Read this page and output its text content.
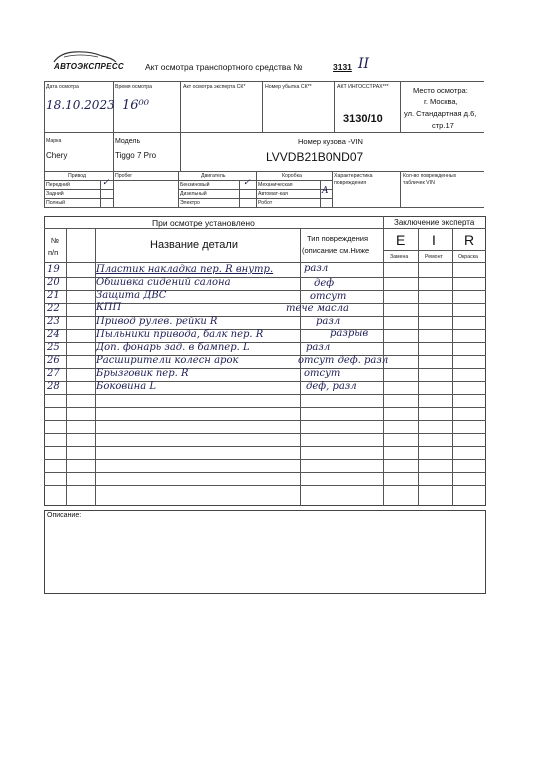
АВТОЭКСПРЕСС Акт осмотра транспортного средства №	3131 II
Дата осмотра
18.10.2023
Время осмотра
16⁰⁰
Акт осмотра эксперта СК*	Номер убытка СК**	АКТ ИНГОССТРАХ***
3130/10
Место осмотра:
г. Москва,
ул. Стандартная д.6,
стр.17
Марка
Chery
Модель
Tiggo 7 Pro
Номер кузова -VIN
LVVDB21B0ND07
Привод
Передний	✓
Задний
Полный
Пробег	Двигатель
Бензиновый	✓
Дизельный
Электро
Коробка
Механическая
Автомат-кая	A
Робот
Характеристика повреждения
Кол-во поврежденных табличек VIN
При осмотре установлено	Заключение эксперта
№
п/п
Название детали
Тип повреждения
(описание см.Ниже
E I R
Замена	Ремонт	Окраска
19	Пластик накладка пер. R внутр.	разл
20	Обшивка сидений салона	деф
21	Защита ДВС	отсут
22	КПП	тече масла
23	Привод рулев. рейки R	разл
24	Пыльники привода, балк пер. R	разрыв
25	Доп. фонарь зад. в бампер. L	разл
26	Расширители колесн арок	отсут деф. разл
27	Брызговик пер. R	отсут
28	Боковина L	деф, разл
Описание:
